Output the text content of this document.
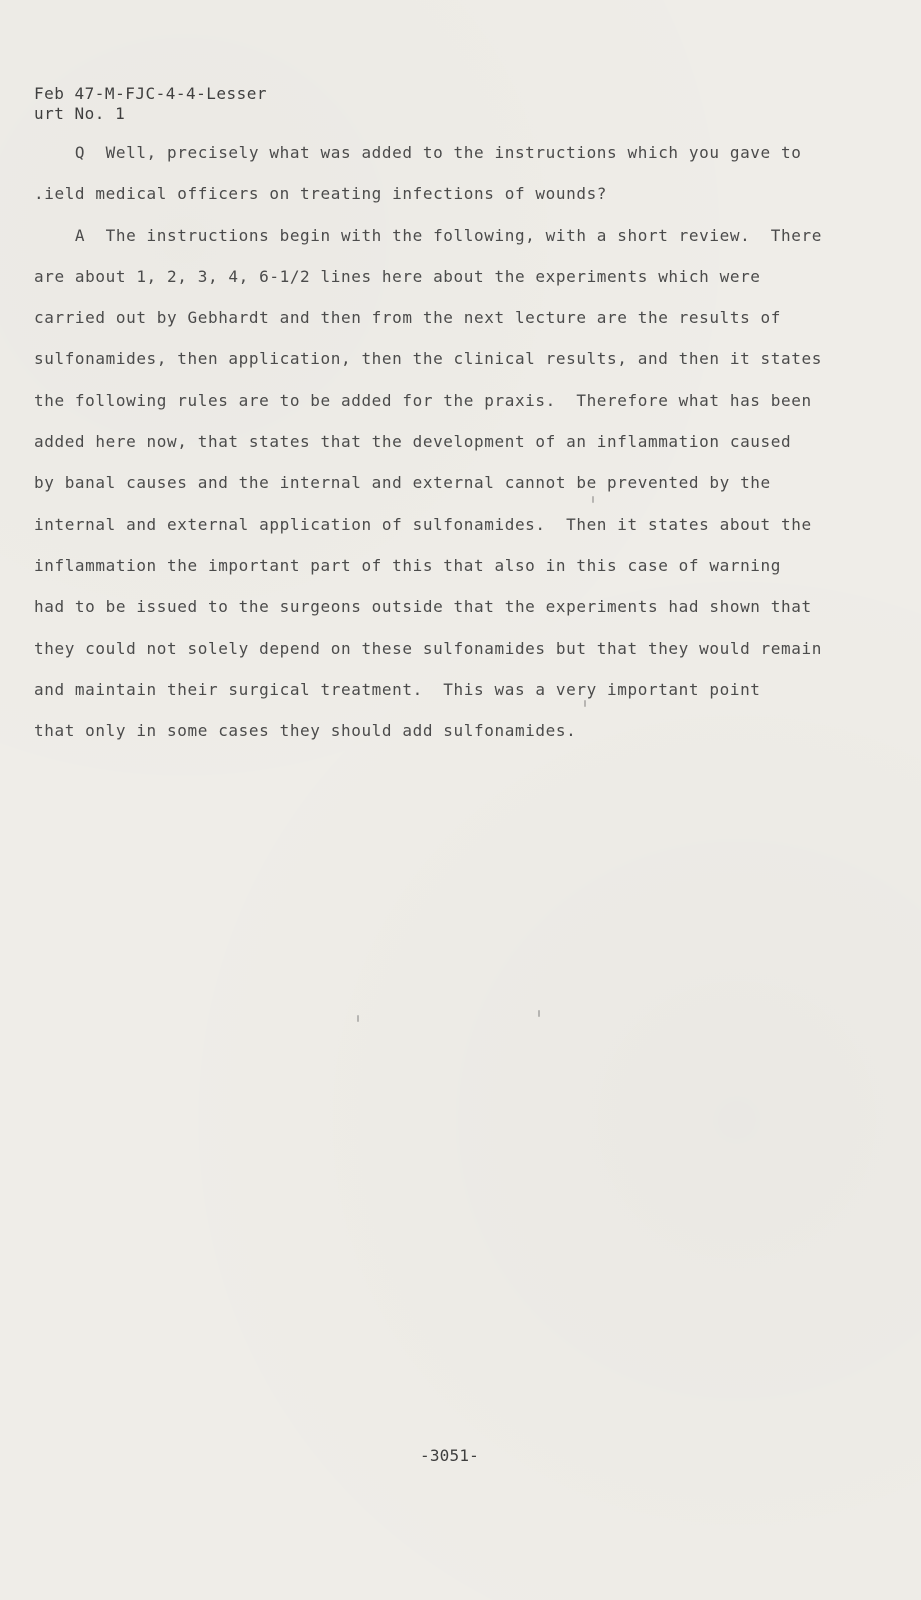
Feb 47-M-FJC-4-4-Lesser
urt No. 1
Q  Well, precisely what was added to the instructions which you gave to
.ield medical officers on treating infections of wounds?
A  The instructions begin with the following, with a short review.  There
are about 1, 2, 3, 4, 6-1/2 lines here about the experiments which were
carried out by Gebhardt and then from the next lecture are the results of
sulfonamides, then application, then the clinical results, and then it states
the following rules are to be added for the praxis.  Therefore what has been
added here now, that states that the development of an inflammation caused
by banal causes and the internal and external cannot be prevented by the
internal and external application of sulfonamides.  Then it states about the
inflammation the important part of this that also in this case of warning
had to be issued to the surgeons outside that the experiments had shown that
they could not solely depend on these sulfonamides but that they would remain
and maintain their surgical treatment.  This was a very important point
that only in some cases they should add sulfonamides.
-3051-
